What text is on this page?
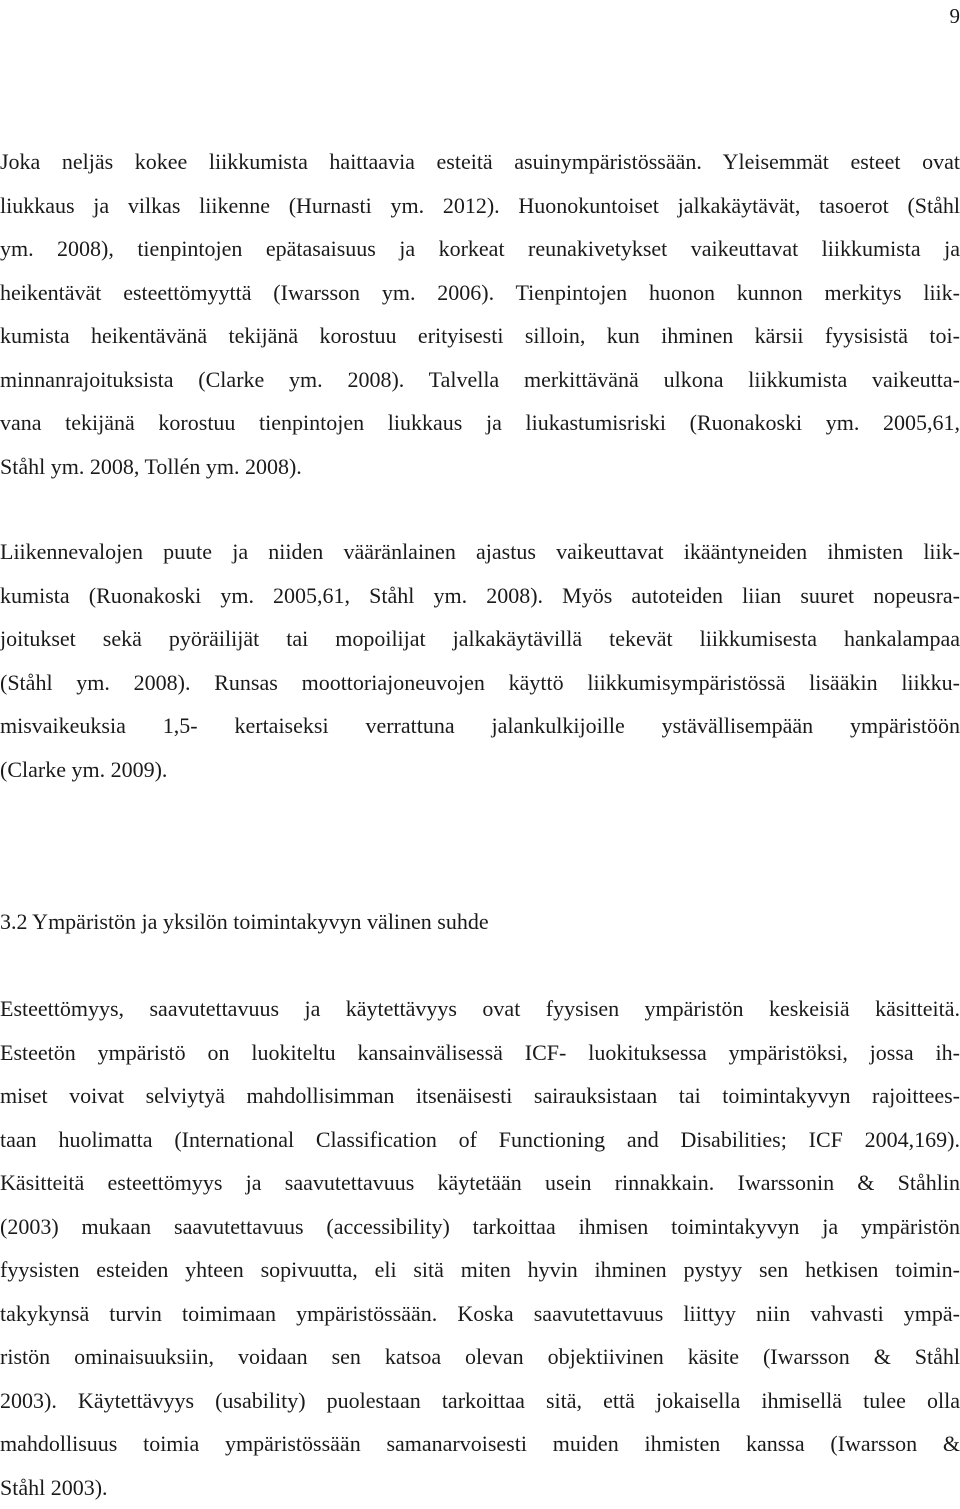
9
Joka neljäs kokee liikkumista haittaavia esteitä asuinympäristössään. Yleisemmät esteet ovat
liukkaus ja vilkas liikenne (Hurnasti ym. 2012). Huonokuntoiset jalkakäytävät, tasoerot (Ståhl
ym. 2008), tienpintojen epätasaisuus ja korkeat reunakivetykset vaikeuttavat liikkumista ja
heikentävät esteettömyyttä (Iwarsson ym. 2006). Tienpintojen huonon kunnon merkitys liik-
kumista heikentävänä tekijänä korostuu erityisesti silloin, kun ihminen kärsii fyysisistä toi-
minnanrajoituksista (Clarke ym. 2008). Talvella merkittävänä ulkona liikkumista vaikeutta-
vana tekijänä korostuu tienpintojen liukkaus ja liukastumisriski (Ruonakoski ym. 2005,61,
Ståhl ym. 2008, Tollén ym. 2008).
Liikennevalojen puute ja niiden vääränlainen ajastus vaikeuttavat ikääntyneiden ihmisten liik-
kumista (Ruonakoski ym. 2005,61, Ståhl ym. 2008). Myös autoteiden liian suuret nopeusra-
joitukset sekä pyöräilijät tai mopoilijat jalkakäytävillä tekevät liikkumisesta hankalampaa
(Ståhl ym. 2008). Runsas moottoriajoneuvojen käyttö liikkumisympäristössä lisääkin liikku-
misvaikeuksia 1,5- kertaiseksi verrattuna jalankulkijoille ystävällisempään ympäristöön
(Clarke ym. 2009).
3.2 Ympäristön ja yksilön toimintakyvyn välinen suhde
Esteettömyys, saavutettavuus ja käytettävyys ovat fyysisen ympäristön keskeisiä käsitteitä.
Esteetön ympäristö on luokiteltu kansainvälisessä ICF- luokituksessa ympäristöksi, jossa ih-
miset voivat selviytyä mahdollisimman itsenäisesti sairauksistaan tai toimintakyvyn rajoittees-
taan huolimatta (International Classification of Functioning and Disabilities; ICF 2004,169).
Käsitteitä esteettömyys ja saavutettavuus käytetään usein rinnakkain. Iwarssonin & Ståhlin
(2003) mukaan saavutettavuus (accessibility) tarkoittaa ihmisen toimintakyvyn ja ympäristön
fyysisten esteiden yhteen sopivuutta, eli sitä miten hyvin ihminen pystyy sen hetkisen toimin-
takykynsä turvin toimimaan ympäristössään. Koska saavutettavuus liittyy niin vahvasti ympä-
ristön ominaisuuksiin, voidaan sen katsoa olevan objektiivinen käsite (Iwarsson & Ståhl
2003). Käytettävyys (usability) puolestaan tarkoittaa sitä, että jokaisella ihmisellä tulee olla
mahdollisuus toimia ympäristössään samanarvoisesti muiden ihmisten kanssa (Iwarsson &
Ståhl 2003).
